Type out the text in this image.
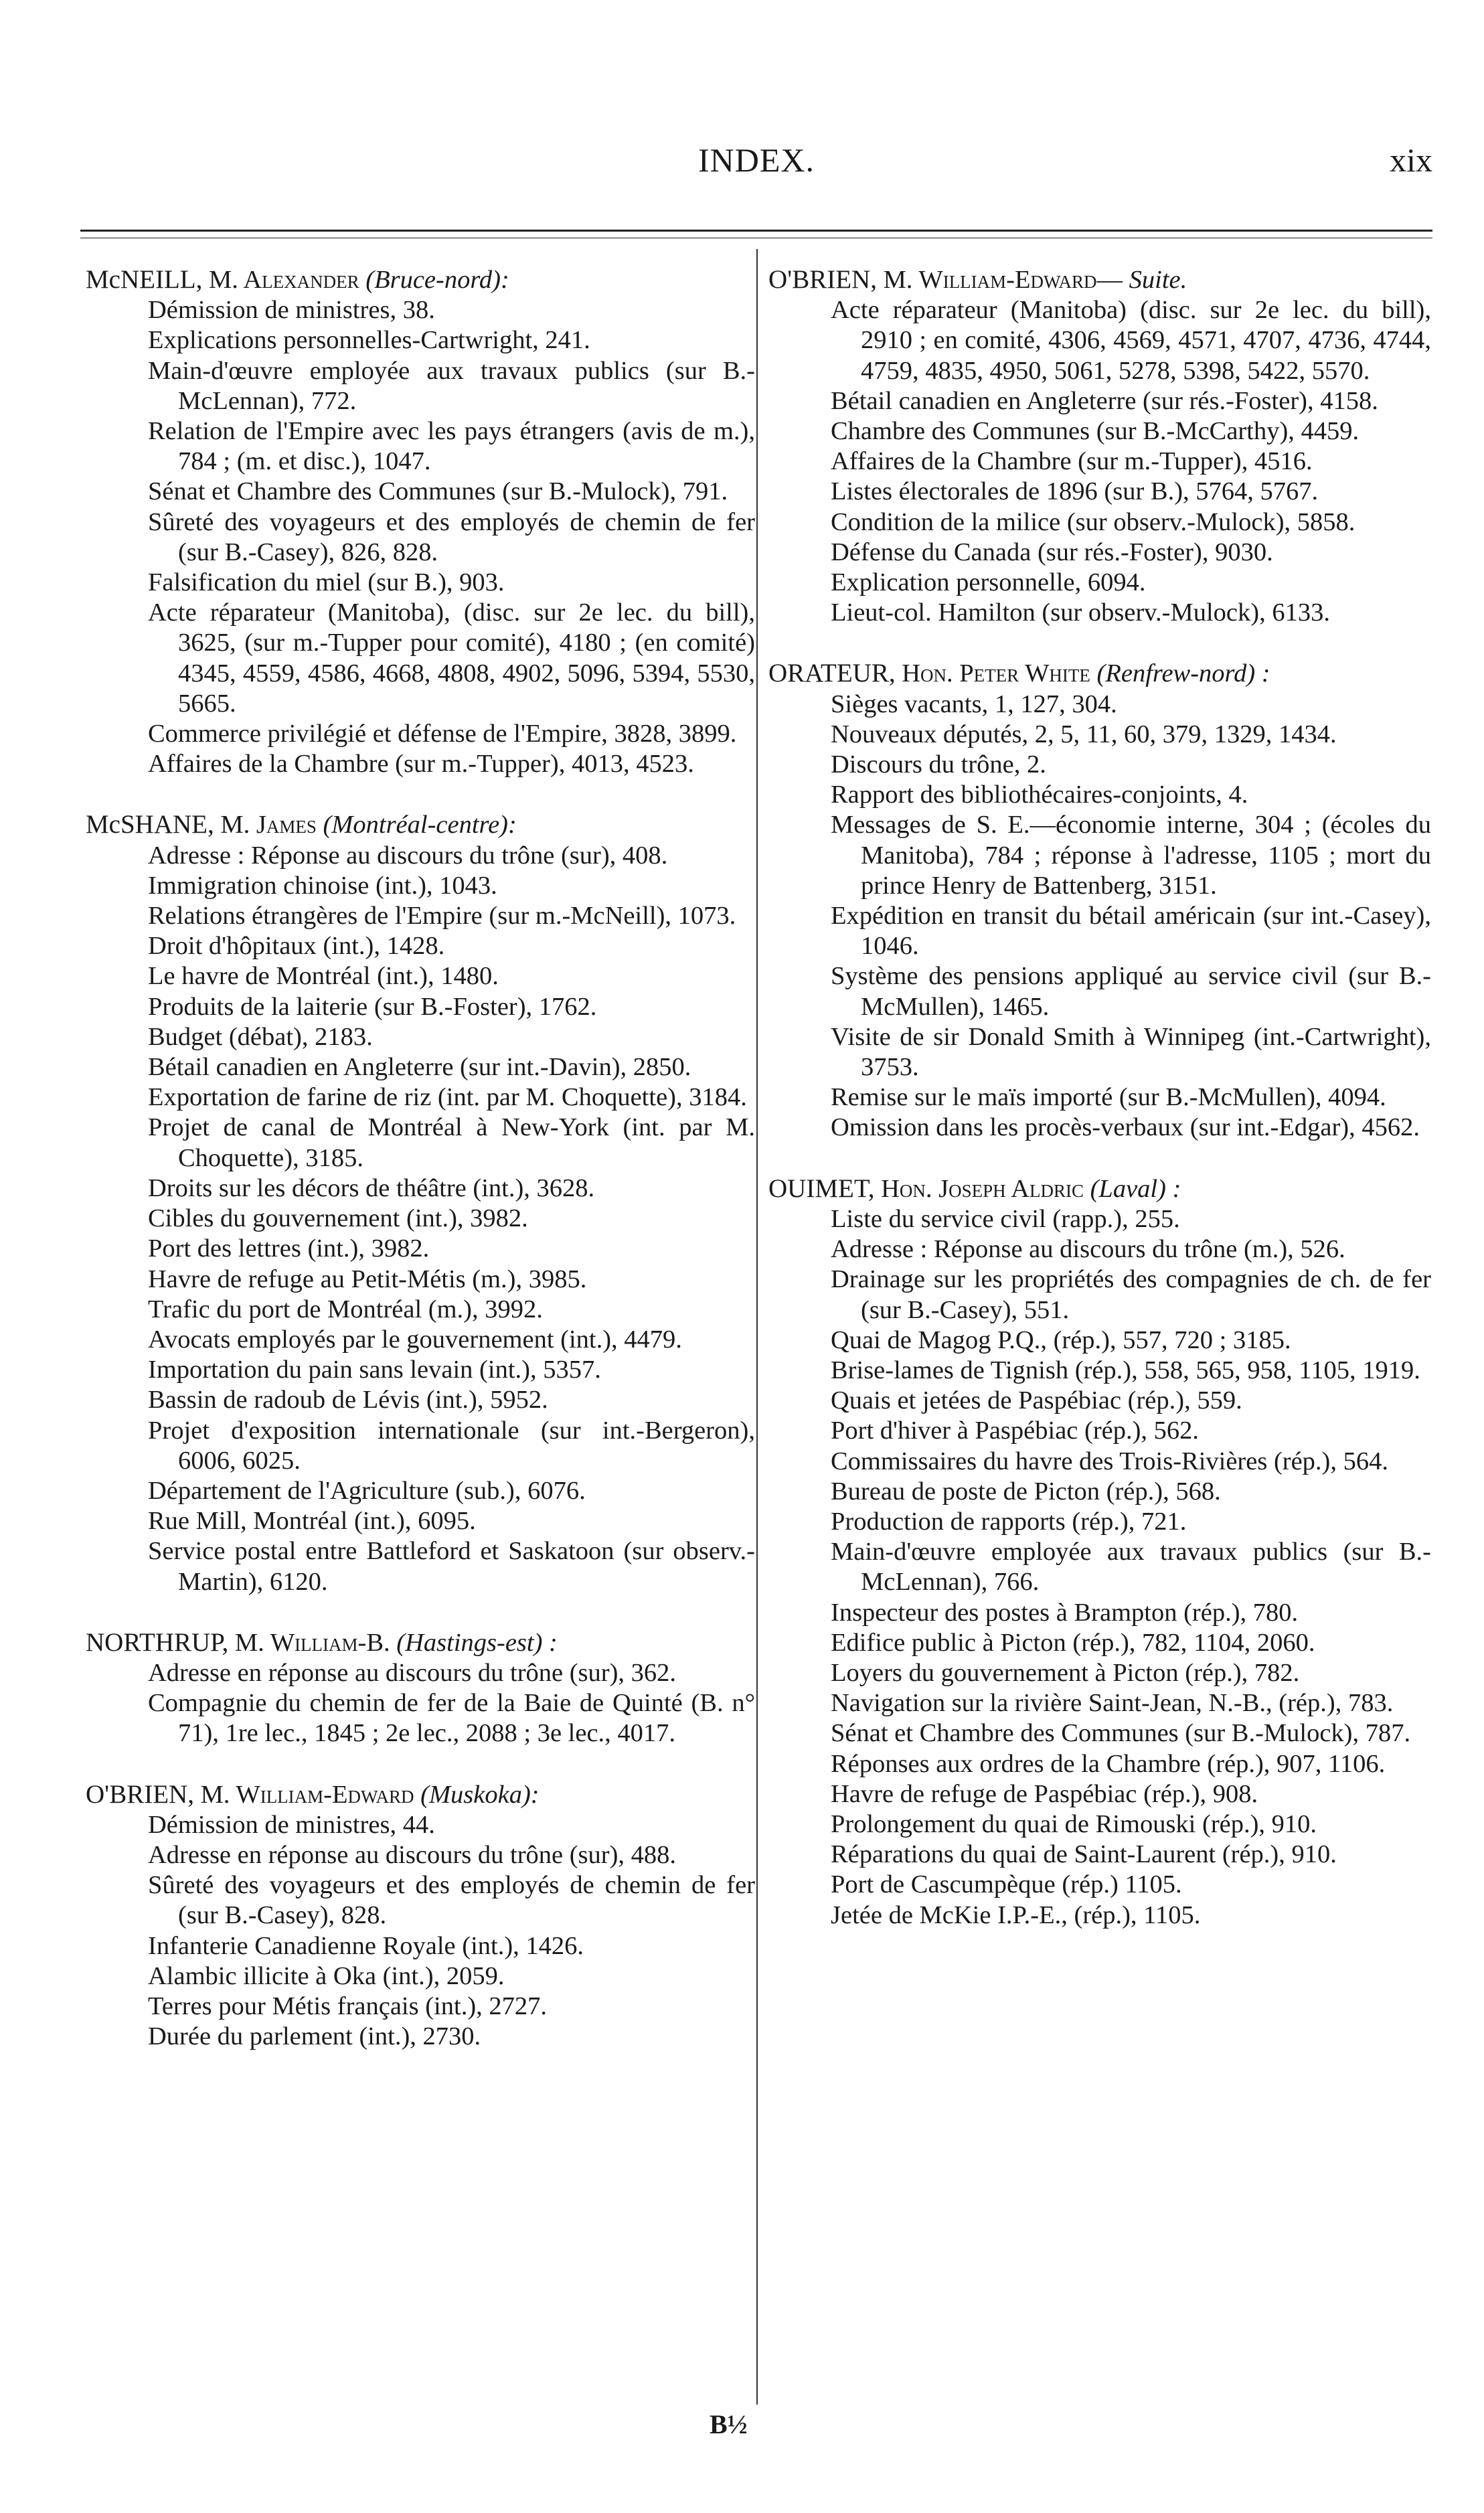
INDEX.	xix
McNEILL, M. Alexander (Bruce-nord):
Démission de ministres, 38.
Explications personnelles-Cartwright, 241.
Main-d'œuvre employée aux travaux publics (sur B.-McLennan), 772.
Relation de l'Empire avec les pays étrangers (avis de m.), 784 ; (m. et disc.), 1047.
Sénat et Chambre des Communes (sur B.-Mulock), 791.
Sûreté des voyageurs et des employés de chemin de fer (sur B.-Casey), 826, 828.
Falsification du miel (sur B.), 903.
Acte réparateur (Manitoba), (disc. sur 2e lec. du bill), 3625, (sur m.-Tupper pour comité), 4180 ; (en comité) 4345, 4559, 4586, 4668, 4808, 4902, 5096, 5394, 5530, 5665.
Commerce privilégié et défense de l'Empire, 3828, 3899.
Affaires de la Chambre (sur m.-Tupper), 4013, 4523.
McSHANE, M. James (Montréal-centre):
Adresse : Réponse au discours du trône (sur), 408.
Immigration chinoise (int.), 1043.
Relations étrangères de l'Empire (sur m.-McNeill), 1073.
Droit d'hôpitaux (int.), 1428.
Le havre de Montréal (int.), 1480.
Produits de la laiterie (sur B.-Foster), 1762.
Budget (débat), 2183.
Bétail canadien en Angleterre (sur int.-Davin), 2850.
Exportation de farine de riz (int. par M. Choquette), 3184.
Projet de canal de Montréal à New-York (int. par M. Choquette), 3185.
Droits sur les décors de théâtre (int.), 3628.
Cibles du gouvernement (int.), 3982.
Port des lettres (int.), 3982.
Havre de refuge au Petit-Métis (m.), 3985.
Trafic du port de Montréal (m.), 3992.
Avocats employés par le gouvernement (int.), 4479.
Importation du pain sans levain (int.), 5357.
Bassin de radoub de Lévis (int.), 5952.
Projet d'exposition internationale (sur int.-Bergeron), 6006, 6025.
Département de l'Agriculture (sub.), 6076.
Rue Mill, Montréal (int.), 6095.
Service postal entre Battleford et Saskatoon (sur observ.-Martin), 6120.
NORTHRUP, M. William-B. (Hastings-est) :
Adresse en réponse au discours du trône (sur), 362.
Compagnie du chemin de fer de la Baie de Quinté (B. n° 71), 1re lec., 1845 ; 2e lec., 2088 ; 3e lec., 4017.
O'BRIEN, M. William-Edward (Muskoka):
Démission de ministres, 44.
Adresse en réponse au discours du trône (sur), 488.
Sûreté des voyageurs et des employés de chemin de fer (sur B.-Casey), 828.
Infanterie Canadienne Royale (int.), 1426.
Alambic illicite à Oka (int.), 2059.
Terres pour Métis français (int.), 2727.
Durée du parlement (int.), 2730.
O'BRIEN, M. William-Edward— Suite.
Acte réparateur (Manitoba) (disc. sur 2e lec. du bill), 2910 ; en comité, 4306, 4569, 4571, 4707, 4736, 4744, 4759, 4835, 4950, 5061, 5278, 5398, 5422, 5570.
Bétail canadien en Angleterre (sur rés.-Foster), 4158.
Chambre des Communes (sur B.-McCarthy), 4459.
Affaires de la Chambre (sur m.-Tupper), 4516.
Listes électorales de 1896 (sur B.), 5764, 5767.
Condition de la milice (sur observ.-Mulock), 5858.
Défense du Canada (sur rés.-Foster), 9030.
Explication personnelle, 6094.
Lieut-col. Hamilton (sur observ.-Mulock), 6133.
ORATEUR, Hon. Peter White (Renfrew-nord) :
Sièges vacants, 1, 127, 304.
Nouveaux députés, 2, 5, 11, 60, 379, 1329, 1434.
Discours du trône, 2.
Rapport des bibliothécaires-conjoints, 4.
Messages de S. E.—économie interne, 304 ; (écoles du Manitoba), 784 ; réponse à l'adresse, 1105 ; mort du prince Henry de Battenberg, 3151.
Expédition en transit du bétail américain (sur int.-Casey), 1046.
Système des pensions appliqué au service civil (sur B.-McMullen), 1465.
Visite de sir Donald Smith à Winnipeg (int.-Cartwright), 3753.
Remise sur le maïs importé (sur B.-McMullen), 4094.
Omission dans les procès-verbaux (sur int.-Edgar), 4562.
OUIMET, Hon. Joseph Aldric (Laval) :
Liste du service civil (rapp.), 255.
Adresse : Réponse au discours du trône (m.), 526.
Drainage sur les propriétés des compagnies de ch. de fer (sur B.-Casey), 551.
Quai de Magog P.Q., (rép.), 557, 720 ; 3185.
Brise-lames de Tignish (rép.), 558, 565, 958, 1105, 1919.
Quais et jetées de Paspébiac (rép.), 559.
Port d'hiver à Paspébiac (rép.), 562.
Commissaires du havre des Trois-Rivières (rép.), 564.
Bureau de poste de Picton (rép.), 568.
Production de rapports (rép.), 721.
Main-d'œuvre employée aux travaux publics (sur B.-McLennan), 766.
Inspecteur des postes à Brampton (rép.), 780.
Edifice public à Picton (rép.), 782, 1104, 2060.
Loyers du gouvernement à Picton (rép.), 782.
Navigation sur la rivière Saint-Jean, N.-B., (rép.), 783.
Sénat et Chambre des Communes (sur B.-Mulock), 787.
Réponses aux ordres de la Chambre (rép.), 907, 1106.
Havre de refuge de Paspébiac (rép.), 908.
Prolongement du quai de Rimouski (rép.), 910.
Réparations du quai de Saint-Laurent (rép.), 910.
Port de Cascumpèque (rép.) 1105.
Jetée de McKie I.P.-E., (rép.), 1105.
B½
